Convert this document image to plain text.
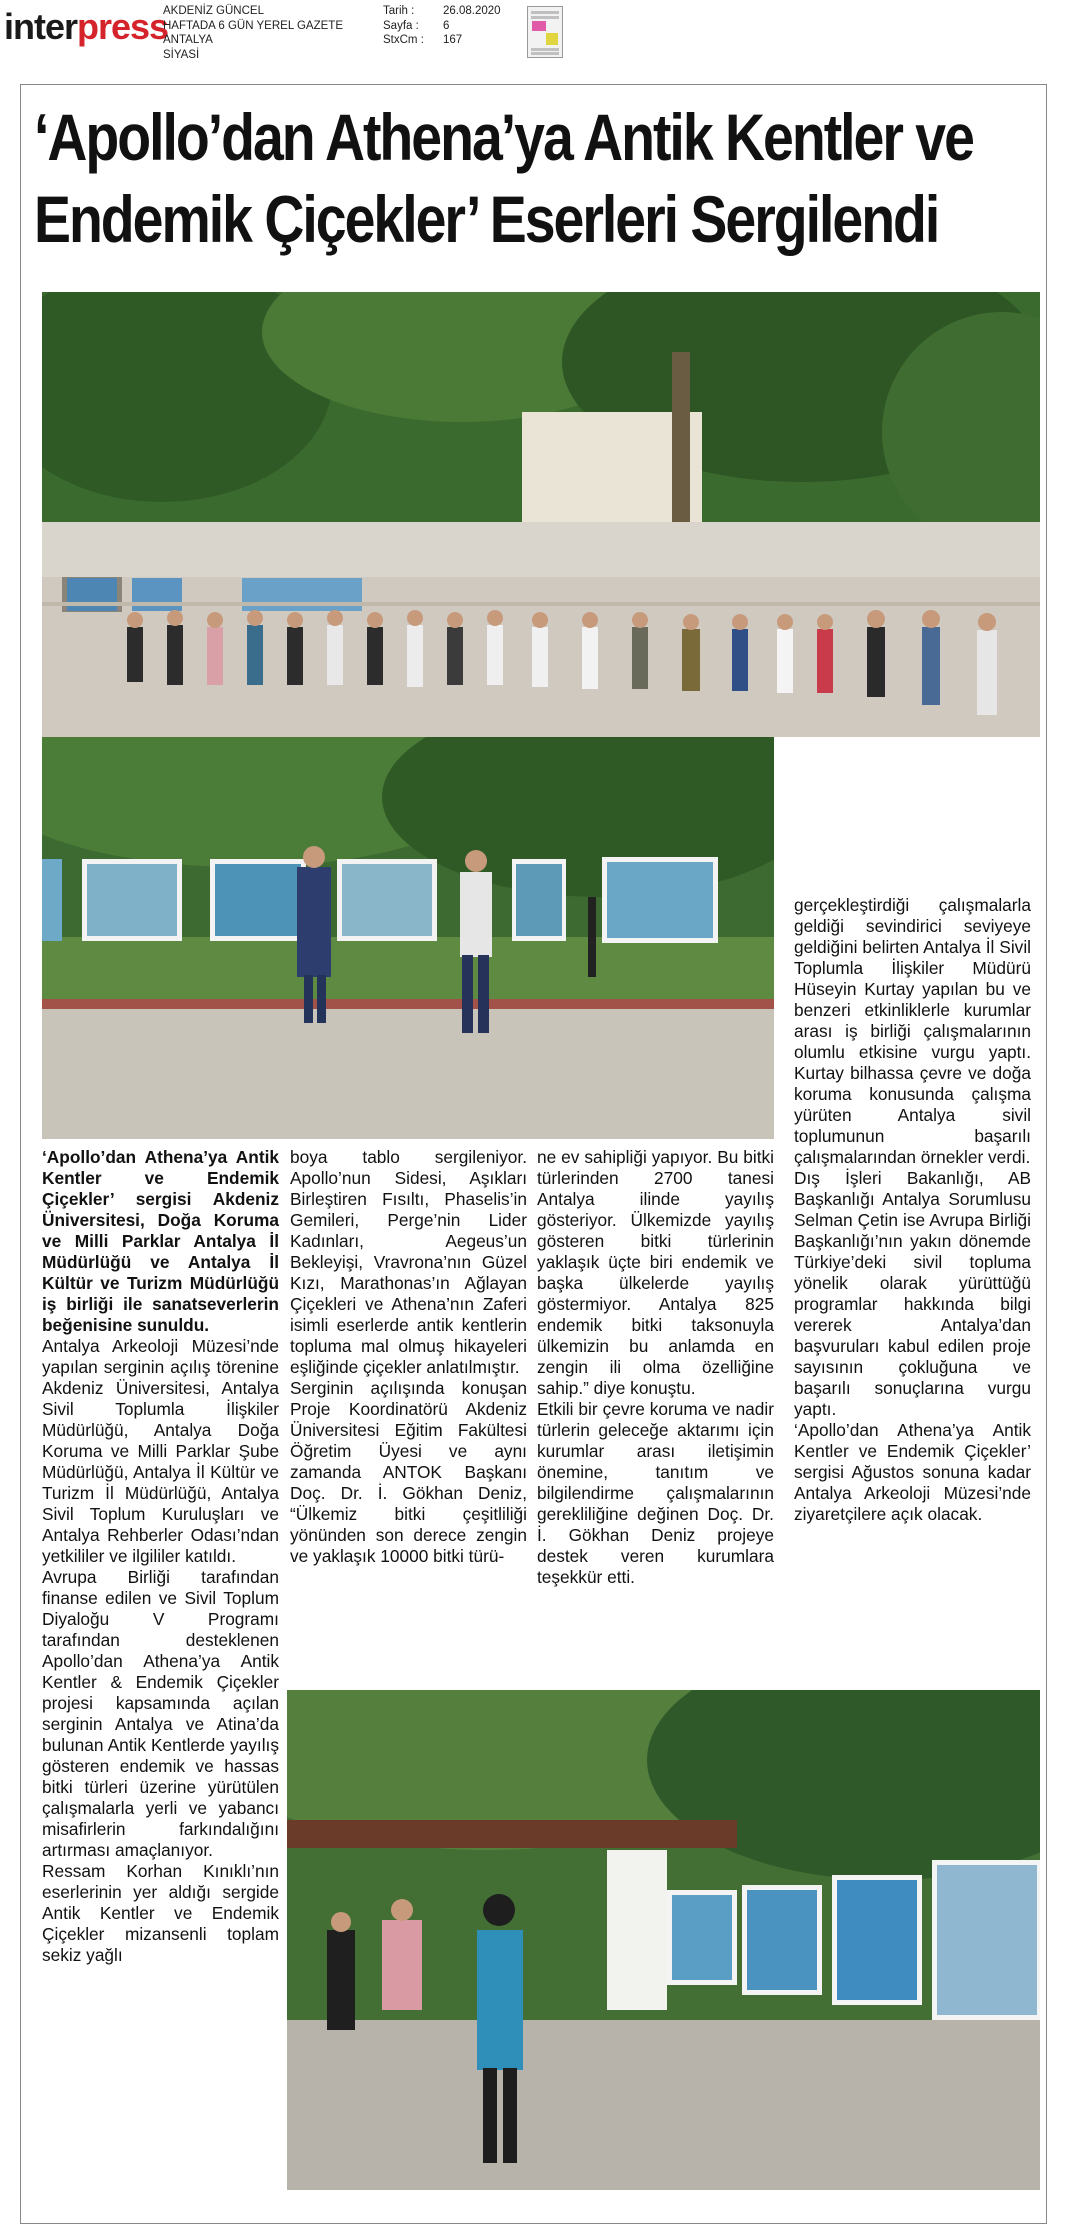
interpress
AKDENİZ GÜNCEL
HAFTADA 6 GÜN YEREL GAZETE
ANTALYA
SİYASİ
Tarih : 26.08.2020
Sayfa : 6
StxCm : 167
‘Apollo’dan Athena’ya Antik Kentler ve
Endemik Çiçekler’ Eserleri Sergilendi

‘Apollo’dan Athena’ya Antik Kentler ve Endemik Çiçekler’ sergisi Akdeniz Üniversitesi, Doğa Koruma ve Milli Parklar Antalya İl Müdürlüğü ve Antalya İl Kültür ve Turizm Müdürlüğü iş birliği ile sanatseverlerin beğenisine sunuldu.

Antalya Arkeoloji Müzesi’nde yapılan serginin açılış törenine Akdeniz Üniversitesi, Antalya Sivil Toplumla İlişkiler Müdürlüğü, Antalya Doğa Koruma ve Milli Parklar Şube Müdürlüğü, Antalya İl Kültür ve Turizm İl Müdürlüğü, Antalya Sivil Toplum Kuruluşları ve Antalya Rehberler Odası’ndan yetkililer ve ilgililer katıldı.

Avrupa Birliği tarafından finanse edilen ve Sivil Toplum Diyaloğu V Programı tarafından desteklenen Apollo’dan Athena’ya Antik Kentler & Endemik Çiçekler projesi kapsamında açılan serginin Antalya ve Atina’da bulunan Antik Kentlerde yayılış gösteren endemik ve hassas bitki türleri üzerine yürütülen çalışmalarla yerli ve yabancı misafirlerin farkındalığını artırması amaçlanıyor.

Ressam Korhan Kınıklı’nın eserlerinin yer aldığı sergide Antik Kentler ve Endemik Çiçekler mizansenli toplam sekiz yağlı

boya tablo sergileniyor. Apollo’nun Sidesi, Aşıkları Birleştiren Fısıltı, Phaselis’in Gemileri, Perge’nin Lider Kadınları, Aegeus’un Bekleyişi, Vravrona’nın Güzel Kızı, Marathonas’ın Ağlayan Çiçekleri ve Athena’nın Zaferi isimli eserlerde antik kentlerin topluma mal olmuş hikayeleri eşliğinde çiçekler anlatılmıştır.

Serginin açılışında konuşan Proje Koordinatörü Akdeniz Üniversitesi Eğitim Fakültesi Öğretim Üyesi ve aynı zamanda ANTOK Başkanı Doç. Dr. İ. Gökhan Deniz, “Ülkemiz bitki çeşitliliği yönünden son derece zengin ve yaklaşık 10000 bitki türü-

ne ev sahipliği yapıyor. Bu bitki türlerinden 2700 tanesi Antalya ilinde yayılış gösteriyor. Ülkemizde yayılış gösteren bitki türlerinin yaklaşık üçte biri endemik ve başka ülkelerde yayılış göstermiyor. Antalya 825 endemik bitki taksonuyla ülkemizin bu anlamda en zengin ili olma özelliğine sahip.” diye konuştu.

Etkili bir çevre koruma ve nadir türlerin geleceğe aktarımı için kurumlar arası iletişimin önemine, tanıtım ve bilgilendirme çalışmalarının gerekliliğine değinen Doç. Dr. İ. Gökhan Deniz projeye destek veren kurumlara teşekkür etti.

gerçekleştirdiği çalışmalarla geldiği sevindirici seviyeye geldiğini belirten Antalya İl Sivil Toplumla İlişkiler Müdürü Hüseyin Kurtay yapılan bu ve benzeri etkinliklerle kurumlar arası iş birliği çalışmalarının olumlu etkisine vurgu yaptı. Kurtay bilhassa çevre ve doğa koruma konusunda çalışma yürüten Antalya sivil toplumunun başarılı çalışmalarından örnekler verdi.

Dış İşleri Bakanlığı, AB Başkanlığı Antalya Sorumlusu Selman Çetin ise Avrupa Birliği Başkanlığı’nın yakın dönemde Türkiye’deki sivil topluma yönelik olarak yürüttüğü programlar hakkında bilgi vererek Antalya’dan başvuruları kabul edilen proje sayısının çokluğuna ve başarılı sonuçlarına vurgu yaptı.

‘Apollo’dan Athena’ya Antik Kentler ve Endemik Çiçekler’ sergisi Ağustos sonuna kadar Antalya Arkeoloji Müzesi’nde ziyaretçilere açık olacak.
